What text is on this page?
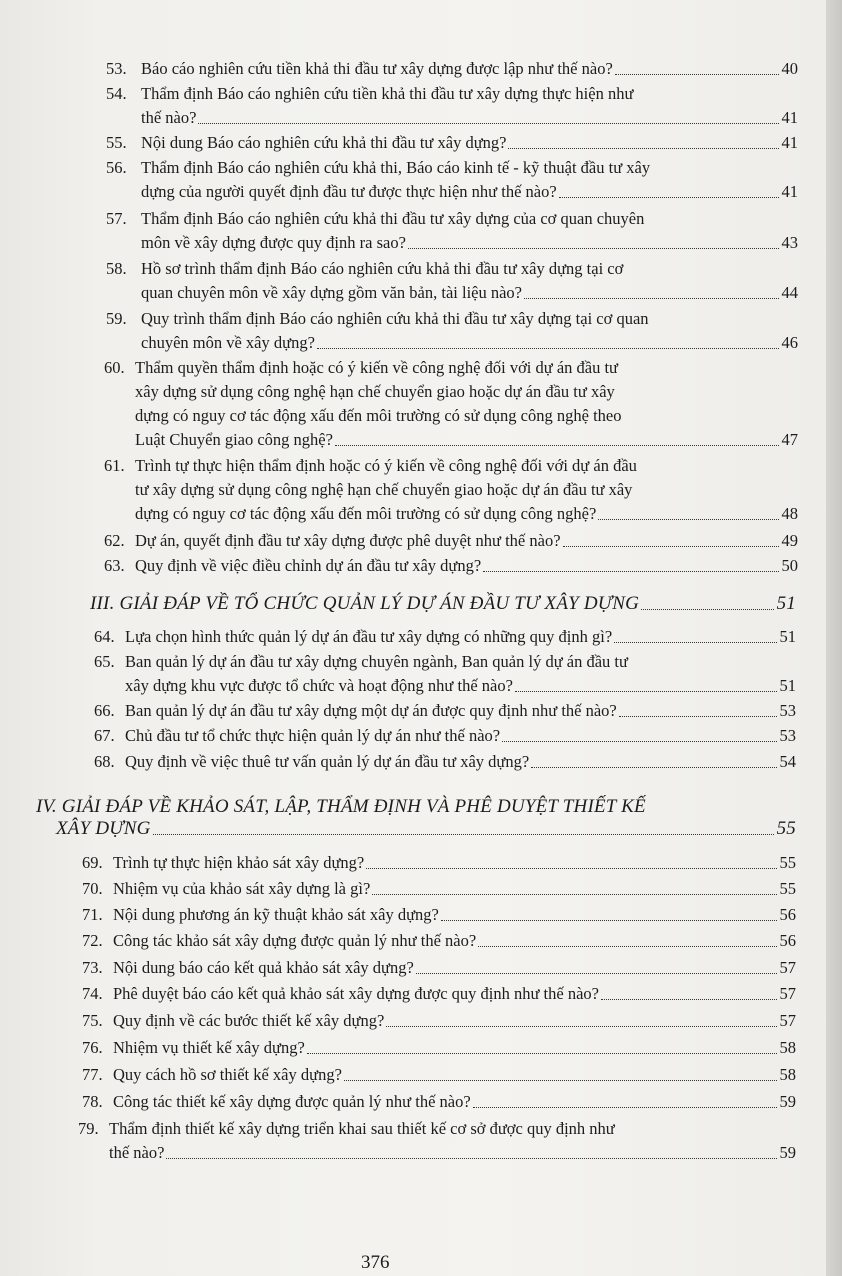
53. Báo cáo nghiên cứu tiền khả thi đầu tư xây dựng được lập như thế nào?	40
54. Thẩm định Báo cáo nghiên cứu tiền khả thi đầu tư xây dựng thực hiện như
thế nào?	41
55. Nội dung Báo cáo nghiên cứu khả thi đầu tư xây dựng?	41
56. Thẩm định Báo cáo nghiên cứu khả thi, Báo cáo kinh tế - kỹ thuật đầu tư xây
dựng của người quyết định đầu tư được thực hiện như thế nào?	41
57. Thẩm định Báo cáo nghiên cứu khả thi đầu tư xây dựng của cơ quan chuyên
môn về xây dựng được quy định ra sao?	43
58. Hồ sơ trình thẩm định Báo cáo nghiên cứu khả thi đầu tư xây dựng tại cơ
quan chuyên môn về xây dựng gồm văn bản, tài liệu nào?	44
59. Quy trình thẩm định Báo cáo nghiên cứu khả thi đầu tư xây dựng tại cơ quan
chuyên môn về xây dựng?	46
60. Thẩm quyền thẩm định hoặc có ý kiến về công nghệ đối với dự án đầu tư
xây dựng sử dụng công nghệ hạn chế chuyển giao hoặc dự án đầu tư xây
dựng có nguy cơ tác động xấu đến môi trường có sử dụng công nghệ theo
Luật Chuyển giao công nghệ?	47
61. Trình tự thực hiện thẩm định hoặc có ý kiến về công nghệ đối với dự án đầu
tư xây dựng sử dụng công nghệ hạn chế chuyển giao hoặc dự án đầu tư xây
dựng có nguy cơ tác động xấu đến môi trường có sử dụng công nghệ?	48
62. Dự án, quyết định đầu tư xây dựng được phê duyệt như thế nào?	49
63. Quy định về việc điều chỉnh dự án đầu tư xây dựng?	50
III. GIẢI ĐÁP VỀ TỔ CHỨC QUẢN LÝ DỰ ÁN ĐẦU TƯ XÂY DỰNG	51
64. Lựa chọn hình thức quản lý dự án đầu tư xây dựng có những quy định gì?	51
65. Ban quản lý dự án đầu tư xây dựng chuyên ngành, Ban quản lý dự án đầu tư
xây dựng khu vực được tổ chức và hoạt động như thế nào?	51
66. Ban quản lý dự án đầu tư xây dựng một dự án được quy định như thế nào?	53
67. Chủ đầu tư tổ chức thực hiện quản lý dự án như thế nào?	53
68. Quy định về việc thuê tư vấn quản lý dự án đầu tư xây dựng?	54
IV. GIẢI ĐÁP VỀ KHẢO SÁT, LẬP, THẨM ĐỊNH VÀ PHÊ DUYỆT THIẾT KẾ
XÂY DỰNG	55
69. Trình tự thực hiện khảo sát xây dựng?	55
70. Nhiệm vụ của khảo sát xây dựng là gì?	55
71. Nội dung phương án kỹ thuật khảo sát xây dựng?	56
72. Công tác khảo sát xây dựng được quản lý như thế nào?	56
73. Nội dung báo cáo kết quả khảo sát xây dựng?	57
74. Phê duyệt báo cáo kết quả khảo sát xây dựng được quy định như thế nào?	57
75. Quy định về các bước thiết kế xây dựng?	57
76. Nhiệm vụ thiết kế xây dựng?	58
77. Quy cách hồ sơ thiết kế xây dựng?	58
78. Công tác thiết kế xây dựng được quản lý như thế nào?	59
79. Thẩm định thiết kế xây dựng triển khai sau thiết kế cơ sở được quy định như
thế nào?	59
376
